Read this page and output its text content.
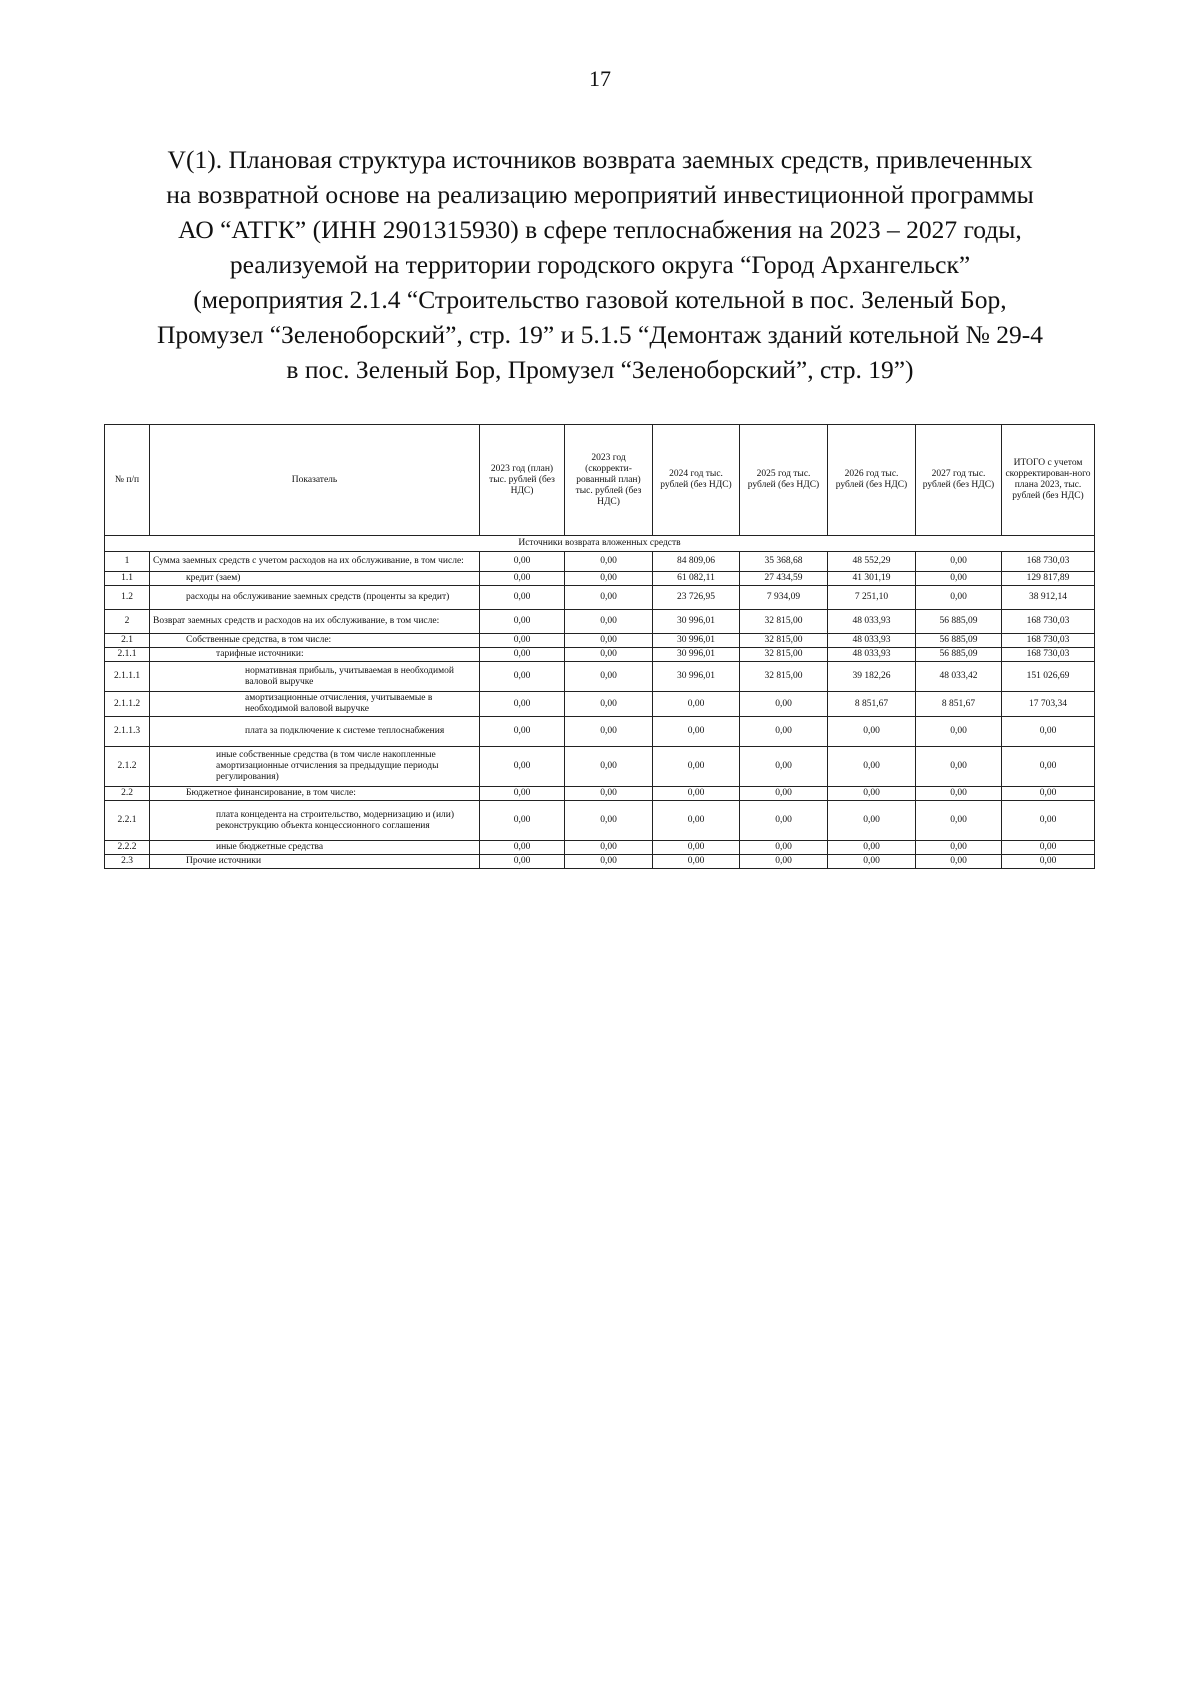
17
V(1). Плановая структура источников возврата заемных средств, привлеченных
на возвратной основе на реализацию мероприятий инвестиционной программы
АО “АТГК” (ИНН 2901315930) в сфере теплоснабжения на 2023 – 2027 годы,
реализуемой на территории городского округа “Город Архангельск”
(мероприятия 2.1.4 “Строительство газовой котельной в пос. Зеленый Бор,
Промузел “Зеленоборский”, стр. 19” и 5.1.5 “Демонтаж зданий котельной № 29-4
в пос. Зеленый Бор, Промузел “Зеленоборский”, стр. 19”)
№ п/п	Показатель	2023 год (план) тыс. рублей (без НДС)	2023 год (скорректи-рованный план) тыс. рублей (без НДС)	2024 год тыс. рублей (без НДС)	2025 год тыс. рублей (без НДС)	2026 год тыс. рублей (без НДС)	2027 год тыс. рублей (без НДС)	ИТОГО с учетом скорректирован-ного плана 2023, тыс. рублей (без НДС)
Источники возврата вложенных средств								
1	Сумма заемных средств с учетом расходов на их обслуживание, в том числе:	0,00	0,00	84 809,06	35 368,68	48 552,29	0,00	168 730,03
1.1	кредит (заем)	0,00	0,00	61 082,11	27 434,59	41 301,19	0,00	129 817,89
1.2	расходы на обслуживание заемных средств (проценты за кредит)	0,00	0,00	23 726,95	7 934,09	7 251,10	0,00	38 912,14
2	Возврат заемных средств и расходов на их обслуживание, в том числе:	0,00	0,00	30 996,01	32 815,00	48 033,93	56 885,09	168 730,03
2.1	Собственные средства, в том числе:	0,00	0,00	30 996,01	32 815,00	48 033,93	56 885,09	168 730,03
2.1.1	тарифные источники:	0,00	0,00	30 996,01	32 815,00	48 033,93	56 885,09	168 730,03
2.1.1.1	нормативная прибыль, учитываемая в необходимой валовой выручке	0,00	0,00	30 996,01	32 815,00	39 182,26	48 033,42	151 026,69
2.1.1.2	амортизационные отчисления, учитываемые в необходимой валовой выручке	0,00	0,00	0,00	0,00	8 851,67	8 851,67	17 703,34
2.1.1.3	плата за подключение к системе теплоснабжения	0,00	0,00	0,00	0,00	0,00	0,00	0,00
2.1.2	иные собственные средства (в том числе накопленные амортизационные отчисления за предыдущие периоды регулирования)	0,00	0,00	0,00	0,00	0,00	0,00	0,00
2.2	Бюджетное финансирование, в том числе:	0,00	0,00	0,00	0,00	0,00	0,00	0,00
2.2.1	плата концедента на строительство, модернизацию и (или) реконструкцию объекта концессионного соглашения	0,00	0,00	0,00	0,00	0,00	0,00	0,00
2.2.2	иные бюджетные средства	0,00	0,00	0,00	0,00	0,00	0,00	0,00
2.3	Прочие источники	0,00	0,00	0,00	0,00	0,00	0,00	0,00
